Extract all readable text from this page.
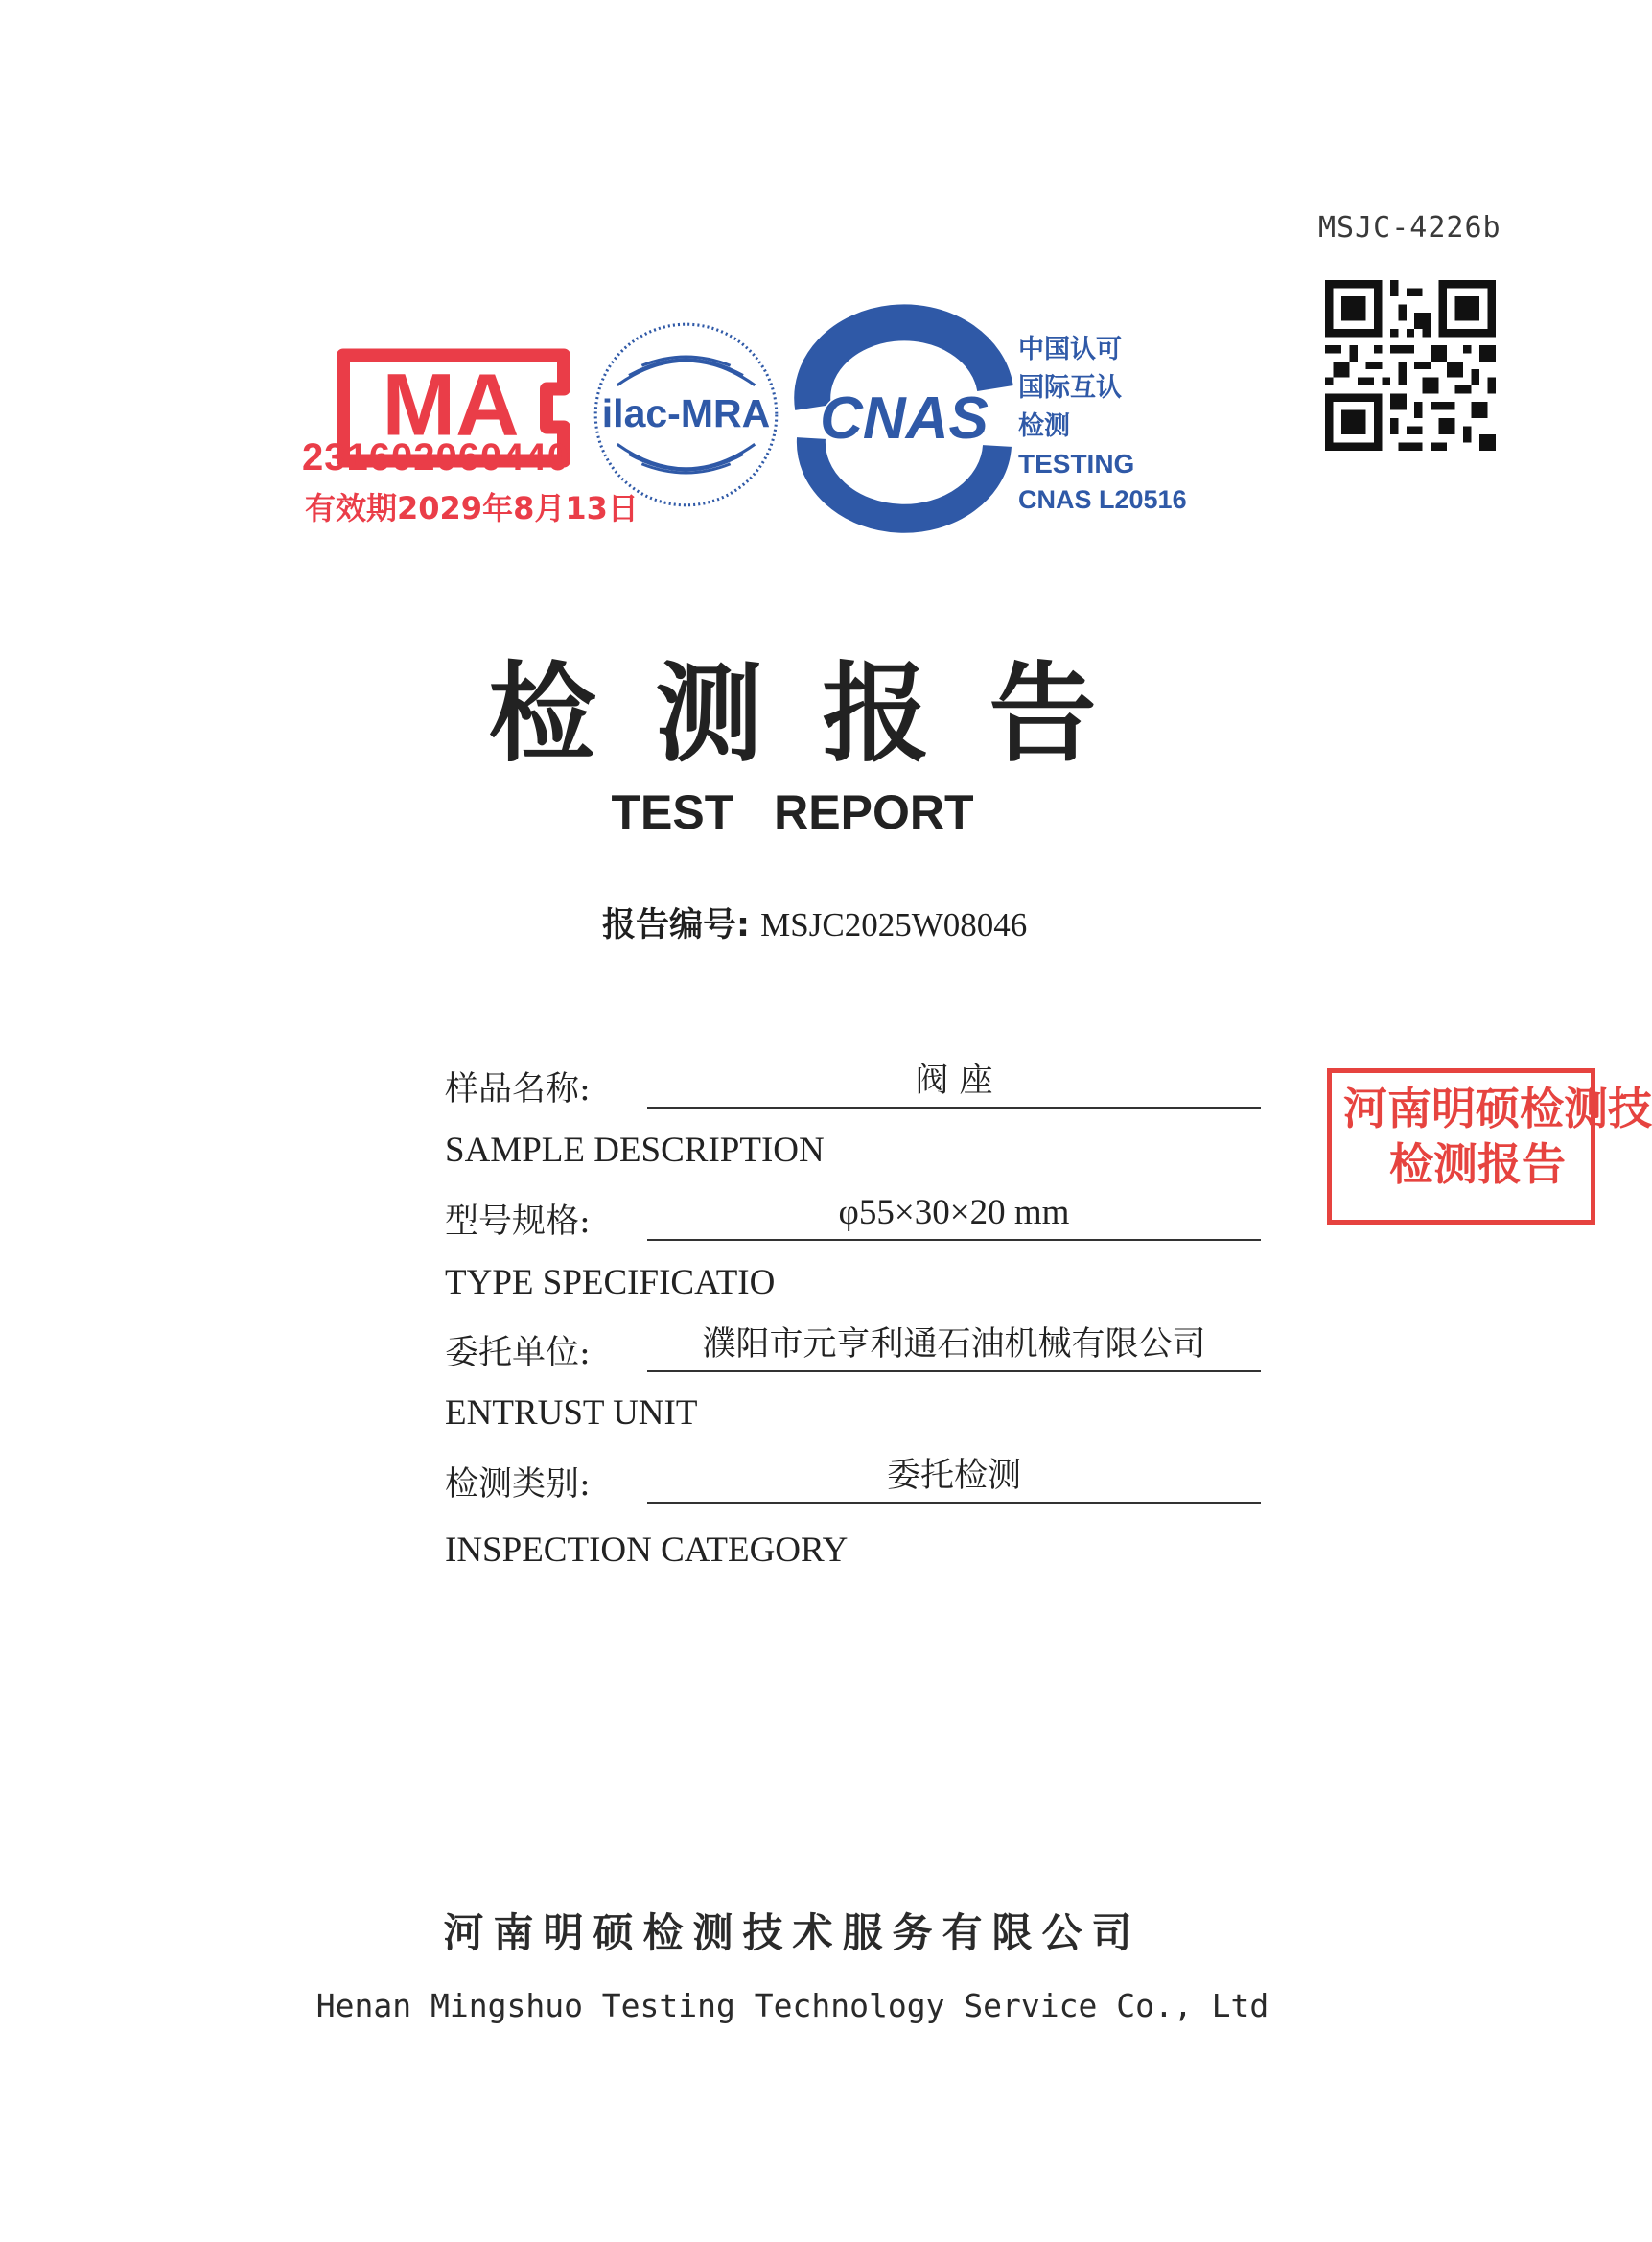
MSJC-4226b
MA
231602060440
有效期2029年8月13日
ilac-MRA CNAS
中国认可
国际互认
检测
TESTING
CNAS L20516
检测报告
TEST REPORT
报告编号: MSJC2025W08046
样品名称:	阀 座
SAMPLE DESCRIPTION
型号规格:	φ55×30×20 mm
TYPE SPECIFICATIO
委托单位:	濮阳市元亨利通石油机械有限公司
ENTRUST UNIT
检测类别:	委托检测
INSPECTION CATEGORY
河南明硕检测技
检测报告
河南明硕检测技术服务有限公司
Henan Mingshuo Testing Technology Service Co., Ltd
